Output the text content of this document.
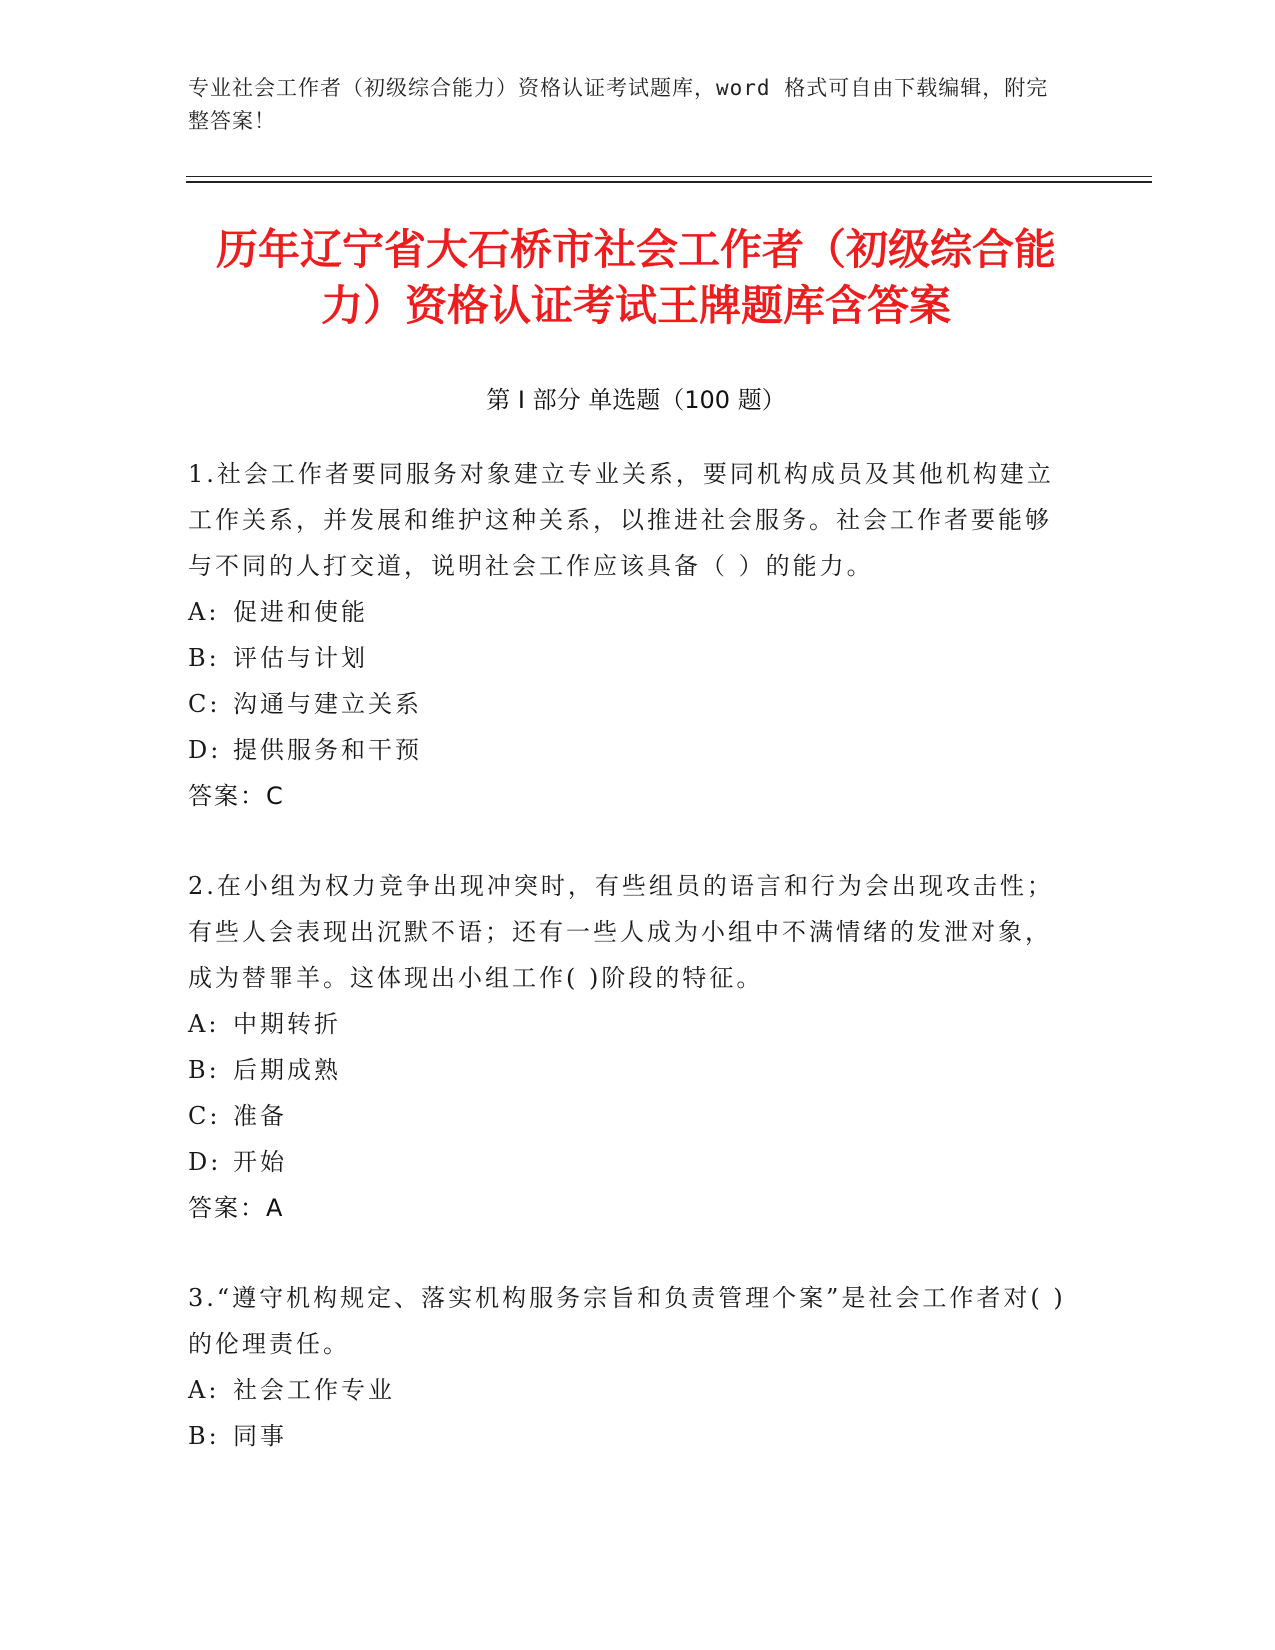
专业社会工作者（初级综合能力）资格认证考试题库，word 格式可自由下载编辑，附完整答案！
历年辽宁省大石桥市社会工作者（初级综合能力）资格认证考试王牌题库含答案
第 I 部分 单选题（100 题）
1.社会工作者要同服务对象建立专业关系，要同机构成员及其他机构建立工作关系，并发展和维护这种关系，以推进社会服务。社会工作者要能够与不同的人打交道，说明社会工作应该具备（ ）的能力。
A: 促进和使能
B: 评估与计划
C: 沟通与建立关系
D: 提供服务和干预
答案：C
2.在小组为权力竞争出现冲突时，有些组员的语言和行为会出现攻击性；有些人会表现出沉默不语；还有一些人成为小组中不满情绪的发泄对象，成为替罪羊。这体现出小组工作( )阶段的特征。
A: 中期转折
B: 后期成熟
C: 准备
D: 开始
答案：A
3.“遵守机构规定、落实机构服务宗旨和负责管理个案”是社会工作者对( )的伦理责任。
A: 社会工作专业
B: 同事
